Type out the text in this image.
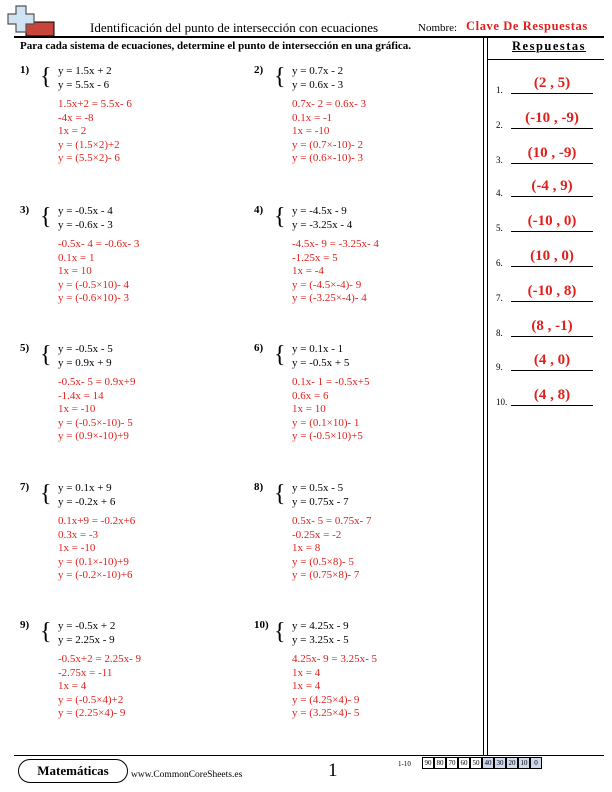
Identificación del punto de intersección con ecuaciones	Nombre: Clave De Respuestas
Para cada sistema de ecuaciones, determine el punto de intersección en una gráfica.	Respuestas
1.	(2 , 5)
2.	(-10 , -9)
3.	(10 , -9)
4.	(-4 , 9)
5.	(-10 , 0)
6.	(10 , 0)
7.	(-10 , 8)
8.	(8 , -1)
9.	(4 , 0)
10.	(4 , 8)
1) { y = 1.5x + 2
y = 5.5x - 6
1.5x+2 = 5.5x- 6
-4x = -8
1x = 2
y = (1.5×2)+2
y = (5.5×2)- 6
2) { y = 0.7x - 2
y = 0.6x - 3
0.7x- 2 = 0.6x- 3
0.1x = -1
1x = -10
y = (0.7×-10)- 2
y = (0.6×-10)- 3
3) { y = -0.5x - 4
y = -0.6x - 3
-0.5x- 4 = -0.6x- 3
0.1x = 1
1x = 10
y = (-0.5×10)- 4
y = (-0.6×10)- 3
4) { y = -4.5x - 9
y = -3.25x - 4
-4.5x- 9 = -3.25x- 4
-1.25x = 5
1x = -4
y = (-4.5×-4)- 9
y = (-3.25×-4)- 4
5) { y = -0.5x - 5
y = 0.9x + 9
-0.5x- 5 = 0.9x+9
-1.4x = 14
1x = -10
y = (-0.5×-10)- 5
y = (0.9×-10)+9
6) { y = 0.1x - 1
y = -0.5x + 5
0.1x- 1 = -0.5x+5
0.6x = 6
1x = 10
y = (0.1×10)- 1
y = (-0.5×10)+5
7) { y = 0.1x + 9
y = -0.2x + 6
0.1x+9 = -0.2x+6
0.3x = -3
1x = -10
y = (0.1×-10)+9
y = (-0.2×-10)+6
8) { y = 0.5x - 5
y = 0.75x - 7
0.5x- 5 = 0.75x- 7
-0.25x = -2
1x = 8
y = (0.5×8)- 5
y = (0.75×8)- 7
9) { y = -0.5x + 2
y = 2.25x - 9
-0.5x+2 = 2.25x- 9
-2.75x = -11
1x = 4
y = (-0.5×4)+2
y = (2.25×4)- 9
10) { y = 4.25x - 9
y = 3.25x - 5
4.25x- 9 = 3.25x- 5
1x = 4
1x = 4
y = (4.25×4)- 9
y = (3.25×4)- 5
Matemáticas	www.CommonCoreSheets.es	1	1-10	90 80 70 60 50 40 30 20 10 0
